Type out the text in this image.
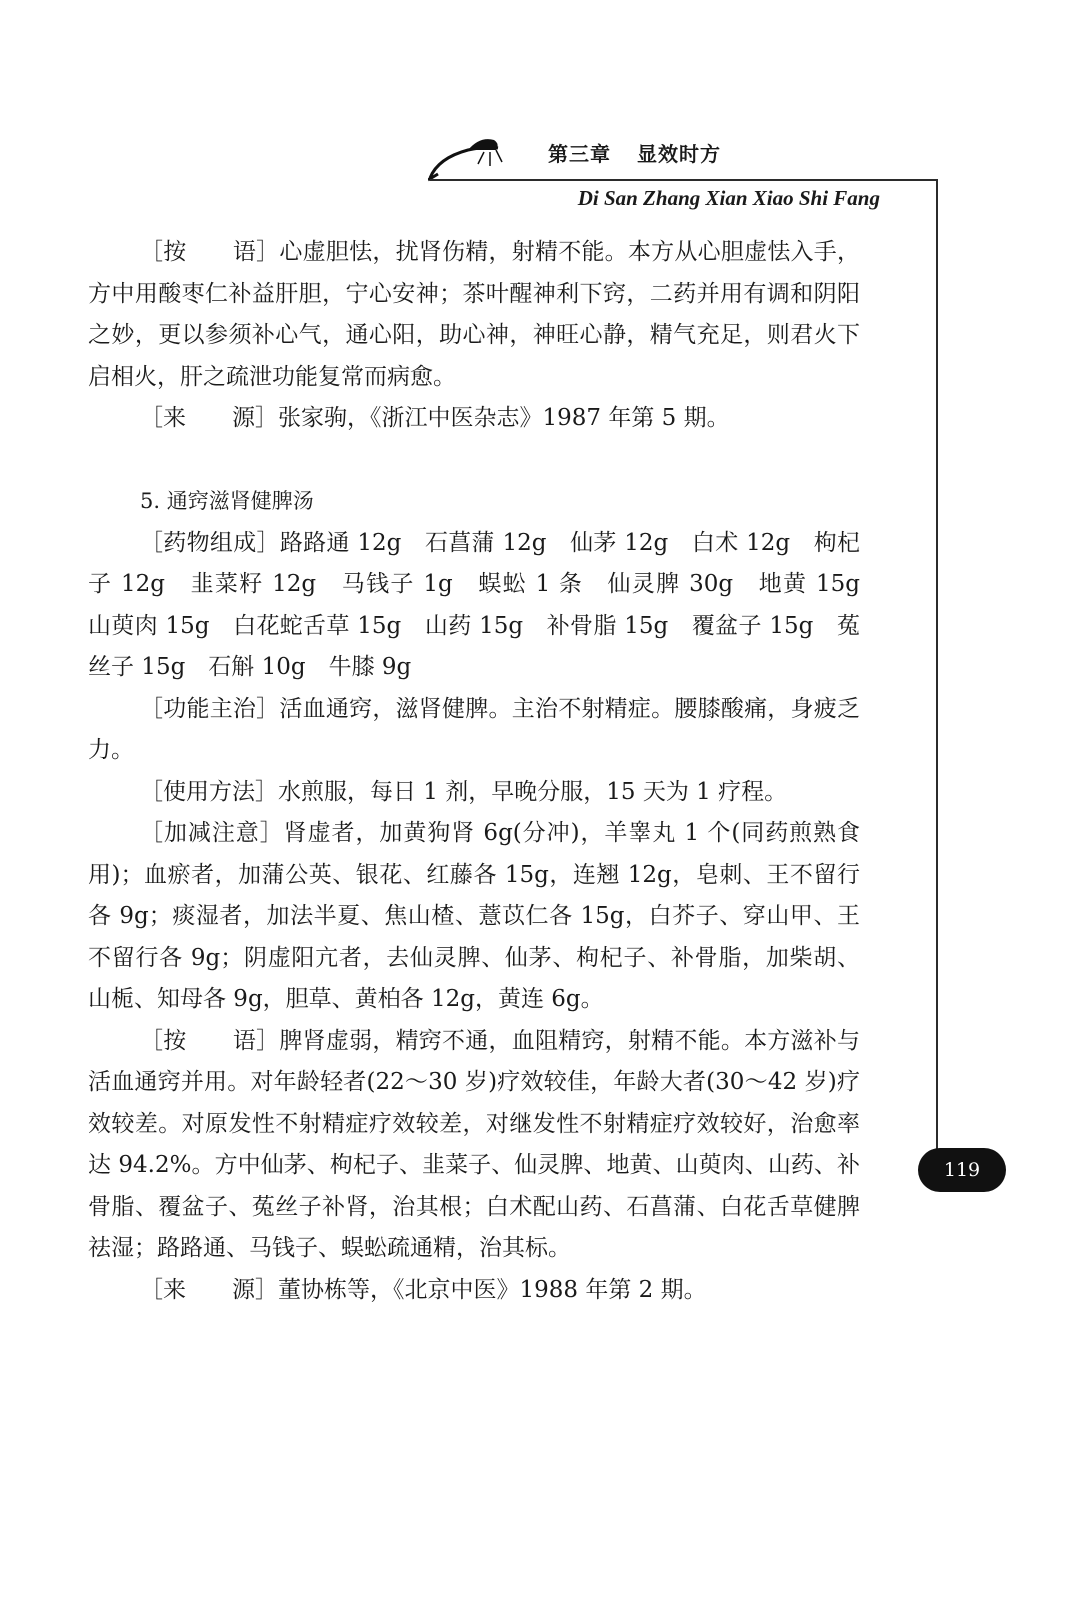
第三章 显效时方
Di San Zhang Xian Xiao Shi Fang

［按　　语］心虚胆怯，扰肾伤精，射精不能。本方从心胆虚怯入手，方中用酸枣仁补益肝胆，宁心安神；茶叶醒神利下窍，二药并用有调和阴阳之妙，更以参须补心气，通心阳，助心神，神旺心静，精气充足，则君火下启相火，肝之疏泄功能复常而病愈。

［来　　源］张家驹，《浙江中医杂志》1987 年第 5 期。

5. 通窍滋肾健脾汤

［药物组成］路路通 12g　石菖蒲 12g　仙茅 12g　白术 12g　枸杞子 12g　韭菜籽 12g　马钱子 1g　蜈蚣 1 条　仙灵脾 30g　地黄 15g　山萸肉 15g　白花蛇舌草 15g　山药 15g　补骨脂 15g　覆盆子 15g　菟丝子 15g　石斛 10g　牛膝 9g

［功能主治］活血通窍，滋肾健脾。主治不射精症。腰膝酸痛，身疲乏力。

［使用方法］水煎服，每日 1 剂，早晚分服，15 天为 1 疗程。

［加减注意］肾虚者，加黄狗肾 6g(分冲)，羊睾丸 1 个(同药煎熟食用)；血瘀者，加蒲公英、银花、红藤各 15g，连翘 12g，皂刺、王不留行各 9g；痰湿者，加法半夏、焦山楂、薏苡仁各 15g，白芥子、穿山甲、王不留行各 9g；阴虚阳亢者，去仙灵脾、仙茅、枸杞子、补骨脂，加柴胡、山栀、知母各 9g，胆草、黄柏各 12g，黄连 6g。

［按　　语］脾肾虚弱，精窍不通，血阻精窍，射精不能。本方滋补与活血通窍并用。对年龄轻者(22～30 岁)疗效较佳，年龄大者(30～42 岁)疗效较差。对原发性不射精症疗效较差，对继发性不射精症疗效较好，治愈率达 94.2%。方中仙茅、枸杞子、韭菜子、仙灵脾、地黄、山萸肉、山药、补骨脂、覆盆子、菟丝子补肾，治其根；白术配山药、石菖蒲、白花舌草健脾祛湿；路路通、马钱子、蜈蚣疏通精，治其标。

［来　　源］董协栋等，《北京中医》1988 年第 2 期。

119
